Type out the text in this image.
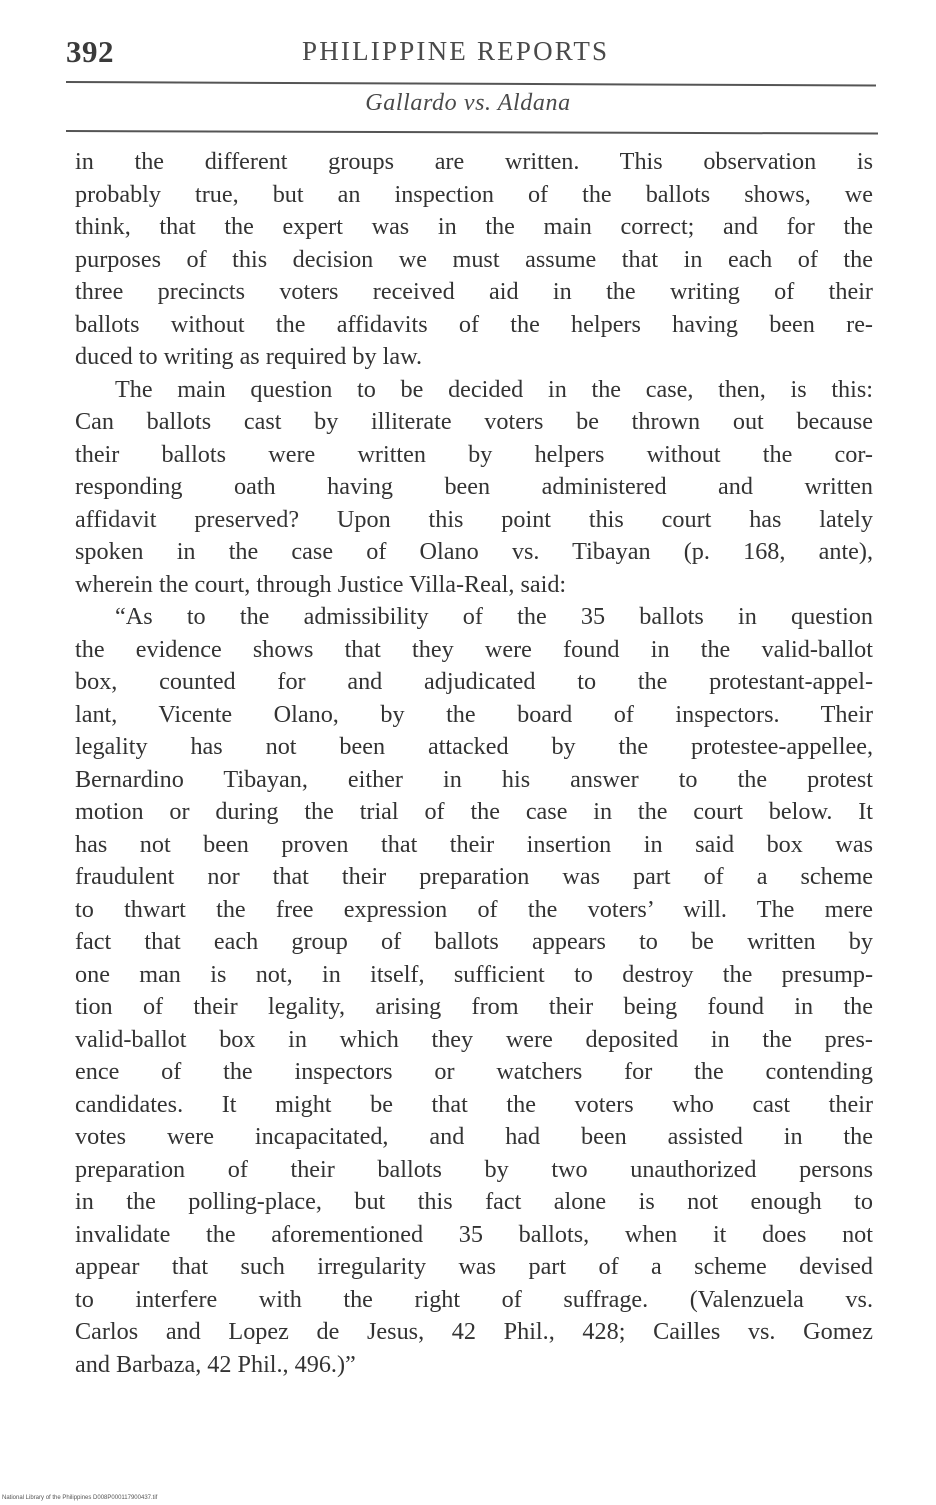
392	PHILIPPINE REPORTS
Gallardo vs. Aldana
in the different groups are written. This observation is
probably true, but an inspection of the ballots shows, we
think, that the expert was in the main correct; and for the
purposes of this decision we must assume that in each of the
three precincts voters received aid in the writing of their
ballots without the affidavits of the helpers having been re-
duced to writing as required by law.
The main question to be decided in the case, then, is this:
Can ballots cast by illiterate voters be thrown out because
their ballots were written by helpers without the cor-
responding oath having been administered and written
affidavit preserved? Upon this point this court has lately
spoken in the case of Olano vs. Tibayan (p. 168, ante),
wherein the court, through Justice Villa-Real, said:
“As to the admissibility of the 35 ballots in question
the evidence shows that they were found in the valid-ballot
box, counted for and adjudicated to the protestant-appel-
lant, Vicente Olano, by the board of inspectors. Their
legality has not been attacked by the protestee-appellee,
Bernardino Tibayan, either in his answer to the protest
motion or during the trial of the case in the court below. It
has not been proven that their insertion in said box was
fraudulent nor that their preparation was part of a scheme
to thwart the free expression of the voters’ will. The mere
fact that each group of ballots appears to be written by
one man is not, in itself, sufficient to destroy the presump-
tion of their legality, arising from their being found in the
valid-ballot box in which they were deposited in the pres-
ence of the inspectors or watchers for the contending
candidates. It might be that the voters who cast their
votes were incapacitated, and had been assisted in the
preparation of their ballots by two unauthorized persons
in the polling-place, but this fact alone is not enough to
invalidate the aforementioned 35 ballots, when it does not
appear that such irregularity was part of a scheme devised
to interfere with the right of suffrage. (Valenzuela vs.
Carlos and Lopez de Jesus, 42 Phil., 428; Cailles vs. Gomez
and Barbaza, 42 Phil., 496.)”
National Library of the Philippines D008P000117900437.tif
